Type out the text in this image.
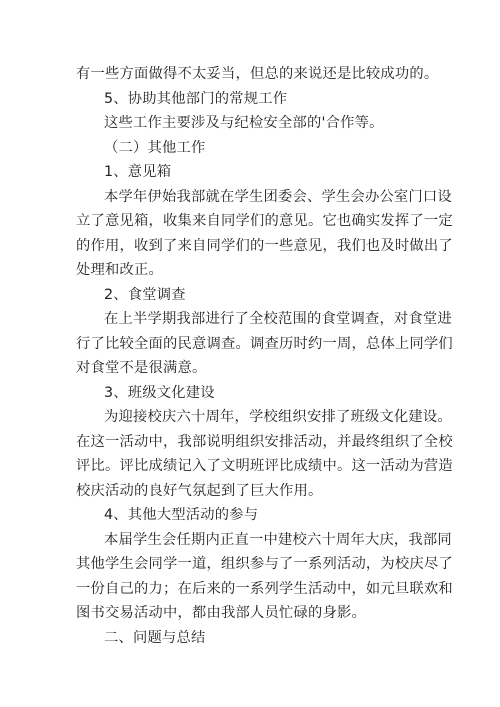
有一些方面做得不太妥当，但总的来说还是比较成功的。
5、协助其他部门的常规工作
这些工作主要涉及与纪检安全部的'合作等。
（二）其他工作
1、意见箱
本学年伊始我部就在学生团委会、学生会办公室门口设
立了意见箱，收集来自同学们的意见。它也确实发挥了一定
的作用，收到了来自同学们的一些意见，我们也及时做出了
处理和改正。
2、食堂调查
在上半学期我部进行了全校范围的食堂调查，对食堂进
行了比较全面的民意调查。调查历时约一周，总体上同学们
对食堂不是很满意。
3、班级文化建设
为迎接校庆六十周年，学校组织安排了班级文化建设。
在这一活动中，我部说明组织安排活动，并最终组织了全校
评比。评比成绩记入了文明班评比成绩中。这一活动为营造
校庆活动的良好气氛起到了巨大作用。
4、其他大型活动的参与
本届学生会任期内正直一中建校六十周年大庆，我部同
其他学生会同学一道，组织参与了一系列活动，为校庆尽了
一份自己的力；在后来的一系列学生活动中，如元旦联欢和
图书交易活动中，都由我部人员忙碌的身影。
二、问题与总结
